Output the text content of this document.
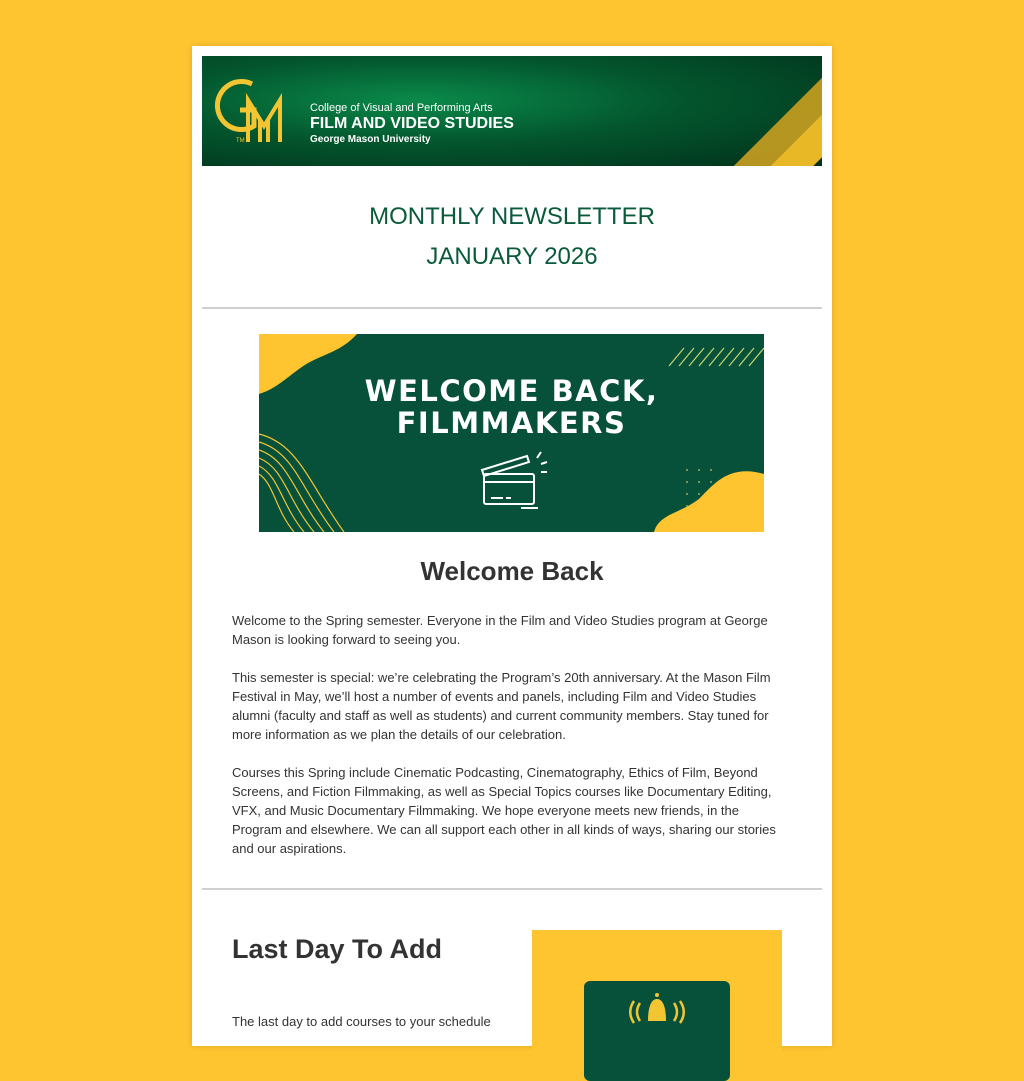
TM
College of Visual and Performing Arts
FILM AND VIDEO STUDIES
George Mason University
MONTHLY NEWSLETTER
JANUARY 2026
WELCOME BACK,
FILMMAKERS
Welcome Back

Welcome to the Spring semester. Everyone in the Film and Video Studies program at George Mason is looking forward to seeing you.

This semester is special: we’re celebrating the Program’s 20th anniversary. At the Mason Film Festival in May, we’ll host a number of events and panels, including Film and Video Studies alumni (faculty and staff as well as students) and current community members. Stay tuned for more information as we plan the details of our celebration.

Courses this Spring include Cinematic Podcasting, Cinematography, Ethics of Film, Beyond Screens, and Fiction Filmmaking, as well as Special Topics courses like Documentary Editing, VFX, and Music Documentary Filmmaking. We hope everyone meets new friends, in the Program and elsewhere. We can all support each other in all kinds of ways, sharing our stories and our aspirations.

Last Day To Add
The last day to add courses to your schedule
